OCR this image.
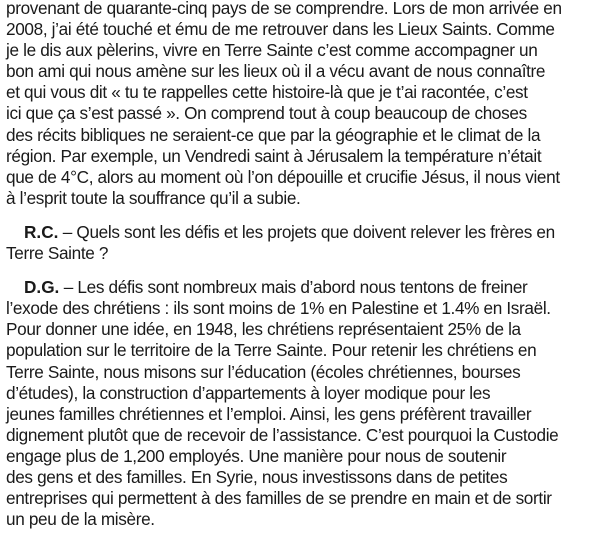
provenant de quarante-cinq pays de se comprendre. Lors de mon arrivée en
2008, j’ai été touché et ému de me retrouver dans les Lieux Saints. Comme
je le dis aux pèlerins, vivre en Terre Sainte c’est comme accompagner un
bon ami qui nous amène sur les lieux où il a vécu avant de nous connaître
et qui vous dit « tu te rappelles cette histoire-là que je t’ai racontée, c’est
ici que ça s’est passé ». On comprend tout à coup beaucoup de choses
des récits bibliques ne seraient-ce que par la géographie et le climat de la
région. Par exemple, un Vendredi saint à Jérusalem la température n’était
que de 4°C, alors au moment où l’on dépouille et crucifie Jésus, il nous vient
à l’esprit toute la souffrance qu’il a subie.
R.C. – Quels sont les défis et les projets que doivent relever les frères en
Terre Sainte ?
D.G. – Les défis sont nombreux mais d’abord nous tentons de freiner
l’exode des chrétiens : ils sont moins de 1% en Palestine et 1.4% en Israël.
Pour donner une idée, en 1948, les chrétiens représentaient 25% de la
population sur le territoire de la Terre Sainte. Pour retenir les chrétiens en
Terre Sainte, nous misons sur l’éducation (écoles chrétiennes, bourses
d’études), la construction d’appartements à loyer modique pour les
jeunes familles chrétiennes et l’emploi. Ainsi, les gens préfèrent travailler
dignement plutôt que de recevoir de l’assistance. C’est pourquoi la Custodie
engage plus de 1,200 employés. Une manière pour nous de soutenir
des gens et des familles. En Syrie, nous investissons dans de petites
entreprises qui permettent à des familles de se prendre en main et de sortir
un peu de la misère.
